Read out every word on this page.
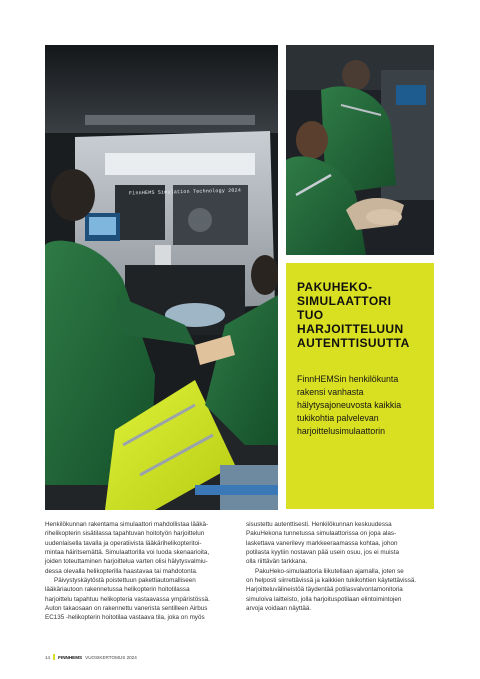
FinnHEMS Simulation Technology 2024
PAKUHEKO-
SIMULAATTORI
TUO
HARJOITTELUUN
AUTENTTISUUTTA

FinnHEMSin henkilökunta
rakensi vanhasta
hälytysajoneuvosta kaikkia
tukikohtia palvelevan
harjoittelusimulaattorin

Henkilökunnan rakentama simulaattori mahdollistaa lääkä-
rihelikopterin sisätilassa tapahtuvan hoitotyön harjoittelun
uudenlaisella tavalla ja operatiivista lääkärihelikopteritoi-
mintaa häiritsemättä. Simulaattorilla voi luoda skenaarioita,
joiden toteuttaminen harjoittelua varten olisi hälytysvalmiu-
dessa olevalla helikopterilla haastavaa tai mahdotonta.

Päivystyskäytöstä poistettuun pakettiautomalliseen
lääkäriautoon rakennetussa helikopterin hoitotilassa
harjoittelu tapahtuu helikopteria vastaavassa ympäristössä.
Auton takaosaan on rakennettu vanerista sentilleen Airbus
EC135 -helikopterin hoitotilaa vastaava tila, joka on myös

sisustettu autenttisesti. Henkilökunnan keskuudessa
PakuHekona tunnetussa simulaattorissa on jopa alas-
laskettava vanerilevy markkeeraamassa kohtaa, johon
potilasta kyytiin nostavan pää usein osuu, jos ei muista
olla riittävän tarkkana.

PakuHeko-simulaattoria liikutellaan ajamalla, joten se
on helposti siirrettävissä ja kaikkien tukikohtien käytettävissä.
Harjoitteluvälineistöä täydentää potilasvalvontamonitoria
simuloiva laitteisto, jolla harjoituspotilaan elintoimintojen
arvoja voidaan näyttää.

14 FINNHEMS VUOSIKERTOMUS 2024
